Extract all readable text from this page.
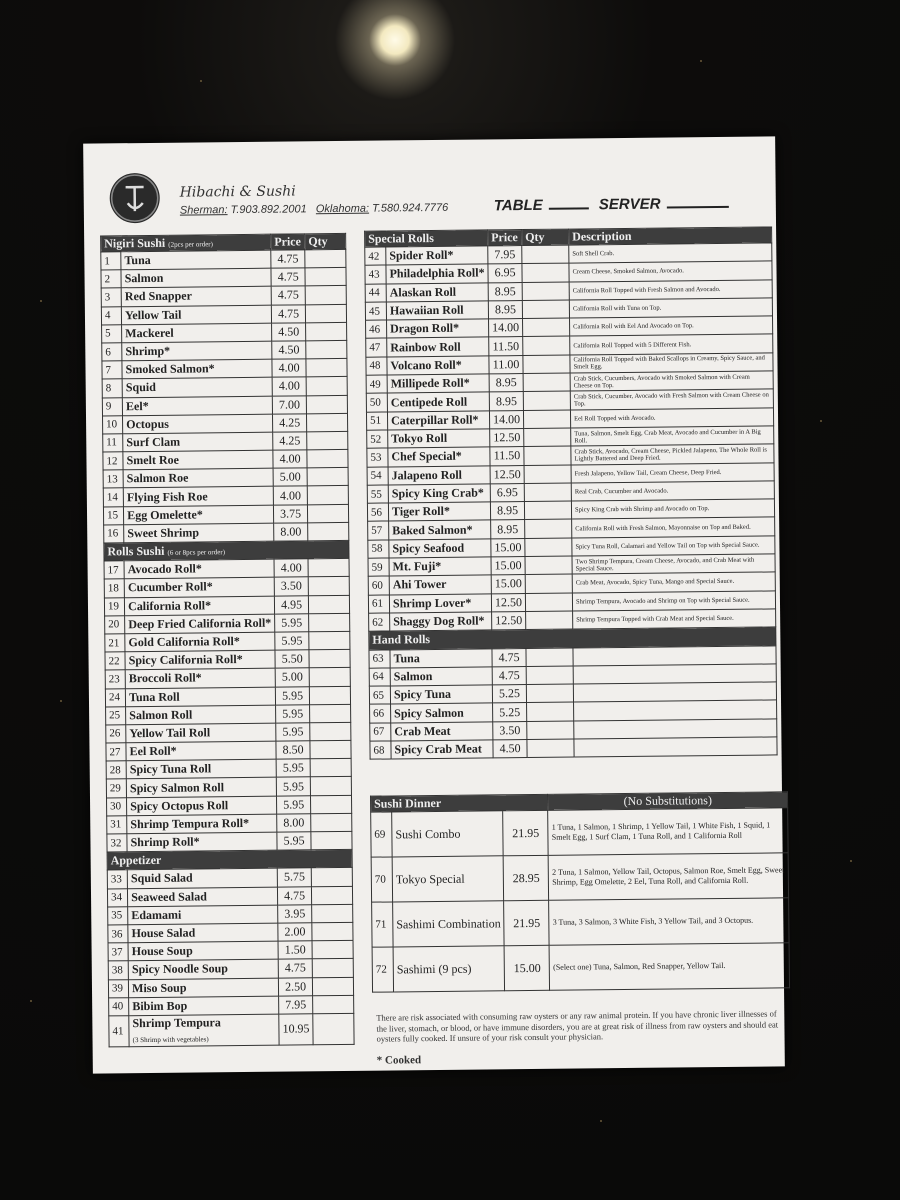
Hibachi & Sushi
Sherman: T.903.892.2001 Oklahoma: T.580.924.7776	TABLE	SERVER
Nigiri Sushi (2pcs per order)		Price	Qty
1	Tuna	4.75	
2	Salmon	4.75	
3	Red Snapper	4.75	
4	Yellow Tail	4.75	
5	Mackerel	4.50	
6	Shrimp*	4.50	
7	Smoked Salmon*	4.00	
8	Squid	4.00	
9	Eel*	7.00	
10	Octopus	4.25	
11	Surf Clam	4.25	
12	Smelt Roe	4.00	
13	Salmon Roe	5.00	
14	Flying Fish Roe	4.00	
15	Egg Omelette*	3.75	
16	Sweet Shrimp	8.00	
Rolls Sushi (6 or 8pcs per order)			
17	Avocado Roll*	4.00	
18	Cucumber Roll*	3.50	
19	California Roll*	4.95	
20	Deep Fried California Roll*	5.95	
21	Gold California Roll*	5.95	
22	Spicy California Roll*	5.50	
23	Broccoli Roll*	5.00	
24	Tuna Roll	5.95	
25	Salmon Roll	5.95	
26	Yellow Tail Roll	5.95	
27	Eel Roll*	8.50	
28	Spicy Tuna Roll	5.95	
29	Spicy Salmon Roll	5.95	
30	Spicy Octopus Roll	5.95	
31	Shrimp Tempura Roll*	8.00	
32	Shrimp Roll*	5.95	
Appetizer			
33	Squid Salad	5.75	
34	Seaweed Salad	4.75	
35	Edamami	3.95	
36	House Salad	2.00	
37	House Soup	1.50	
38	Spicy Noodle Soup	4.75	
39	Miso Soup	2.50	
40	Bibim Bop	7.95	
41	Shrimp Tempura
(3 Shrimp with vegetables)	10.95	
Special Rolls		Price	Qty	Description
42	Spider Roll*	7.95		Soft Shell Crab.
43	Philadelphia Roll*	6.95		Cream Cheese, Smoked Salmon, Avocado.
44	Alaskan Roll	8.95		California Roll Topped with Fresh Salmon and Avocado.
45	Hawaiian Roll	8.95		California Roll with Tuna on Top.
46	Dragon Roll*	14.00		California Roll with Eel And Avocado on Top.
47	Rainbow Roll	11.50		California Roll Topped with 5 Different Fish.
48	Volcano Roll*	11.00		California Roll Topped with Baked Scallops in Creamy, Spicy Sauce, and Smelt Egg.
49	Millipede Roll*	8.95		Crab Stick, Cucumbers, Avocado with Smoked Salmon with Cream Cheese on Top.
50	Centipede Roll	8.95		Crab Stick, Cucumber, Avocado with Fresh Salmon with Cream Cheese on Top.
51	Caterpillar Roll*	14.00		Eel Roll Topped with Avocado.
52	Tokyo Roll	12.50		Tuna, Salmon, Smelt Egg, Crab Meat, Avocado and Cucumber in A Big Roll.
53	Chef Special*	11.50		Crab Stick, Avocado, Cream Cheese, Pickled Jalapeno, The Whole Roll is Lightly Battered and Deep Fried.
54	Jalapeno Roll	12.50		Fresh Jalapeno, Yellow Tail, Cream Cheese, Deep Fried.
55	Spicy King Crab*	6.95		Real Crab, Cucumber and Avocado.
56	Tiger Roll*	8.95		Spicy King Crab with Shrimp and Avocado on Top.
57	Baked Salmon*	8.95		California Roll with Fresh Salmon, Mayonnaise on Top and Baked.
58	Spicy Seafood	15.00		Spicy Tuna Roll, Calamari and Yellow Tail on Top with Special Sauce.
59	Mt. Fuji*	15.00		Two Shrimp Tempura, Cream Cheese, Avocado, and Crab Meat with Special Sauce.
60	Ahi Tower	15.00		Crab Meat, Avocado, Spicy Tuna, Mango and Special Sauce.
61	Shrimp Lover*	12.50		Shrimp Tempura, Avocado and Shrimp on Top with Special Sauce.
62	Shaggy Dog Roll*	12.50		Shrimp Tempura Topped with Crab Meat and Special Sauce.
Hand Rolls				
63	Tuna	4.75		
64	Salmon	4.75		
65	Spicy Tuna	5.25		
66	Spicy Salmon	5.25		
67	Crab Meat	3.50		
68	Spicy Crab Meat	4.50		
Sushi Dinner			(No Substitutions)
69	Sushi Combo	21.95	1 Tuna, 1 Salmon, 1 Shrimp, 1 Yellow Tail, 1 White Fish, 1 Squid, 1 Smelt Egg, 1 Surf Clam, 1 Tuna Roll, and 1 California Roll
70	Tokyo Special	28.95	2 Tuna, 1 Salmon, Yellow Tail, Octopus, Salmon Roe, Smelt Egg, Sweet Shrimp, Egg Omelette, 2 Eel, Tuna Roll, and California Roll.
71	Sashimi Combination	21.95	3 Tuna, 3 Salmon, 3 White Fish, 3 Yellow Tail, and 3 Octopus.
72	Sashimi (9 pcs)	15.00	(Select one) Tuna, Salmon, Red Snapper, Yellow Tail.
There are risk associated with consuming raw oysters or any raw animal protein. If you have chronic liver illnesses of the liver, stomach, or blood, or have immune disorders, you are at great risk of illness from raw oysters and should eat oysters fully cooked. If unsure of your risk consult your physician.
* Cooked
